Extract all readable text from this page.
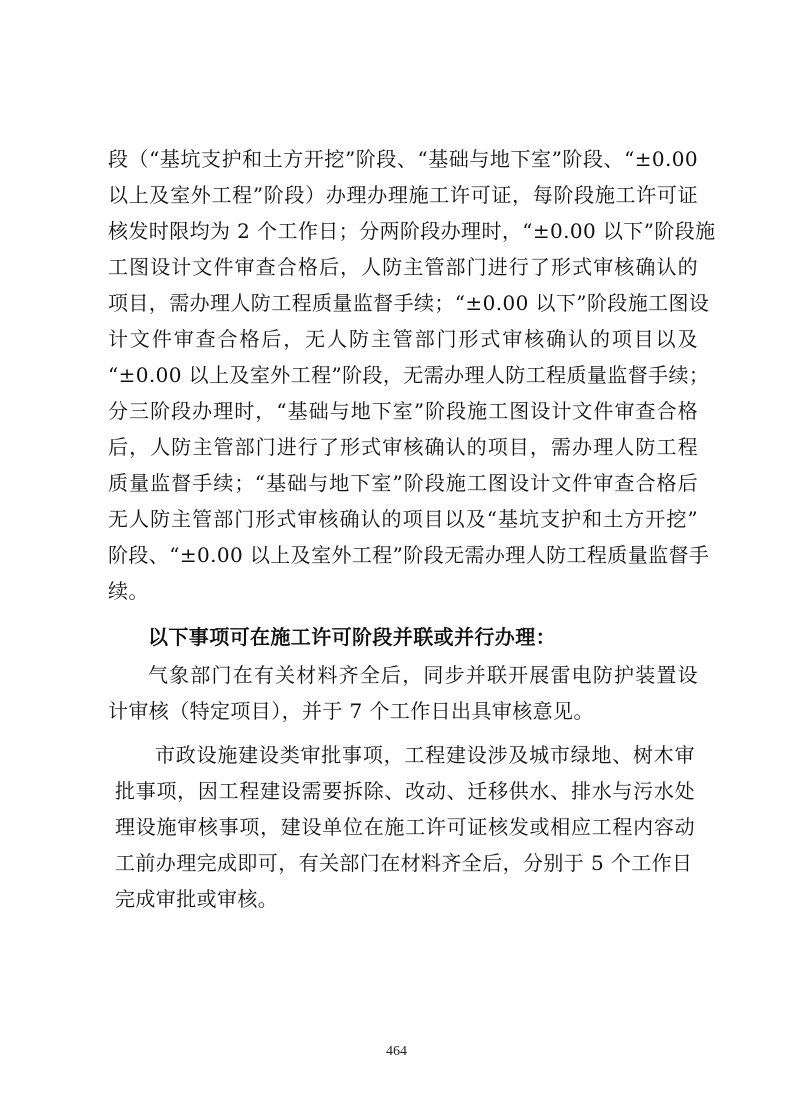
段（“基坑支护和土方开挖”阶段、“基础与地下室”阶段、“±0.00
以上及室外工程”阶段）办理办理施工许可证，每阶段施工许可证
核发时限均为 2 个工作日；分两阶段办理时，“±0.00 以下”阶段施
工图设计文件审查合格后，人防主管部门进行了形式审核确认的
项目，需办理人防工程质量监督手续；“±0.00 以下”阶段施工图设
计文件审查合格后，无人防主管部门形式审核确认的项目以及
“±0.00 以上及室外工程”阶段，无需办理人防工程质量监督手续；
分三阶段办理时，“基础与地下室”阶段施工图设计文件审查合格
后，人防主管部门进行了形式审核确认的项目，需办理人防工程
质量监督手续；“基础与地下室”阶段施工图设计文件审查合格后
无人防主管部门形式审核确认的项目以及“基坑支护和土方开挖”
阶段、“±0.00 以上及室外工程”阶段无需办理人防工程质量监督手
续。
以下事项可在施工许可阶段并联或并行办理：
气象部门在有关材料齐全后，同步并联开展雷电防护装置设
计审核（特定项目），并于 7 个工作日出具审核意见。
市政设施建设类审批事项，工程建设涉及城市绿地、树木审
批事项，因工程建设需要拆除、改动、迁移供水、排水与污水处
理设施审核事项，建设单位在施工许可证核发或相应工程内容动
工前办理完成即可，有关部门在材料齐全后，分别于 5 个工作日
完成审批或审核。
464
